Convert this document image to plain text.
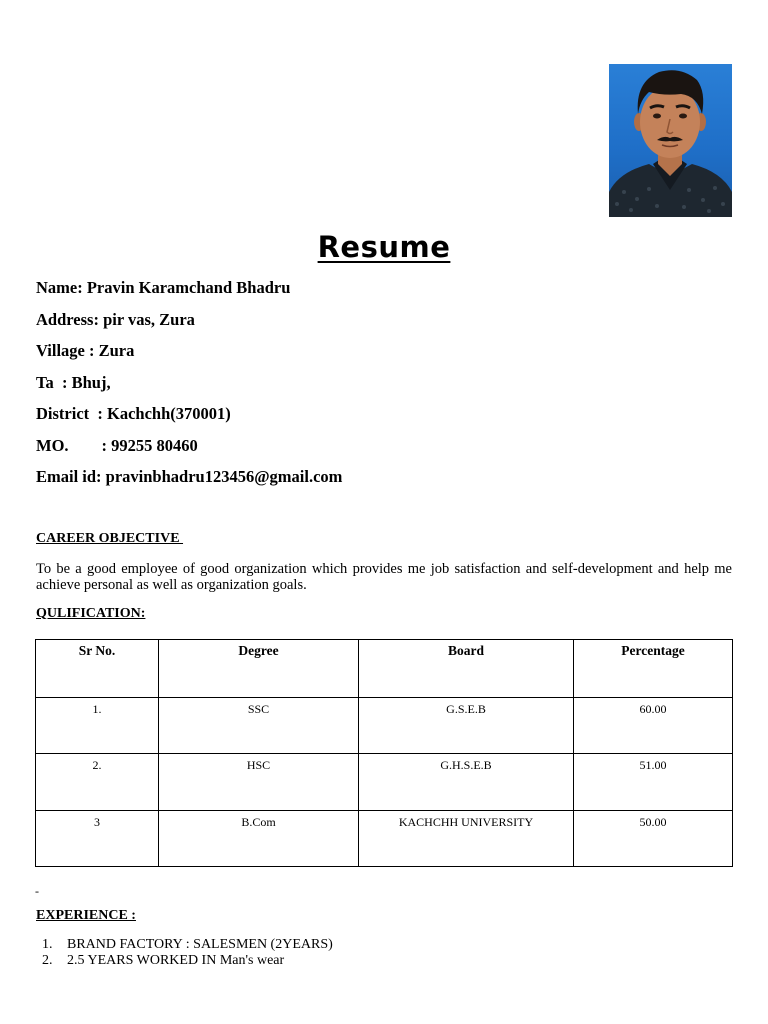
Resume
Name: Pravin Karamchand Bhadru
Address: pir vas, Zura
Village : Zura
Ta  : Bhuj,
District  : Kachchh(370001)
MO.        : 99255 80460
Email id: pravinbhadru123456@gmail.com
CAREER OBJECTIVE
To be a good employee of good organization which provides me job satisfaction and self-development and help me achieve personal as well as organization goals.
QULIFICATION:
Sr No.	Degree	Board	Percentage
1.	SSC	G.S.E.B	60.00
2.	HSC	G.H.S.E.B	51.00
3	B.Com	KACHCHH UNIVERSITY	50.00
-
EXPERIENCE :
1.	BRAND FACTORY : SALESMEN (2YEARS)
2.	2.5 YEARS WORKED IN Man's wear
